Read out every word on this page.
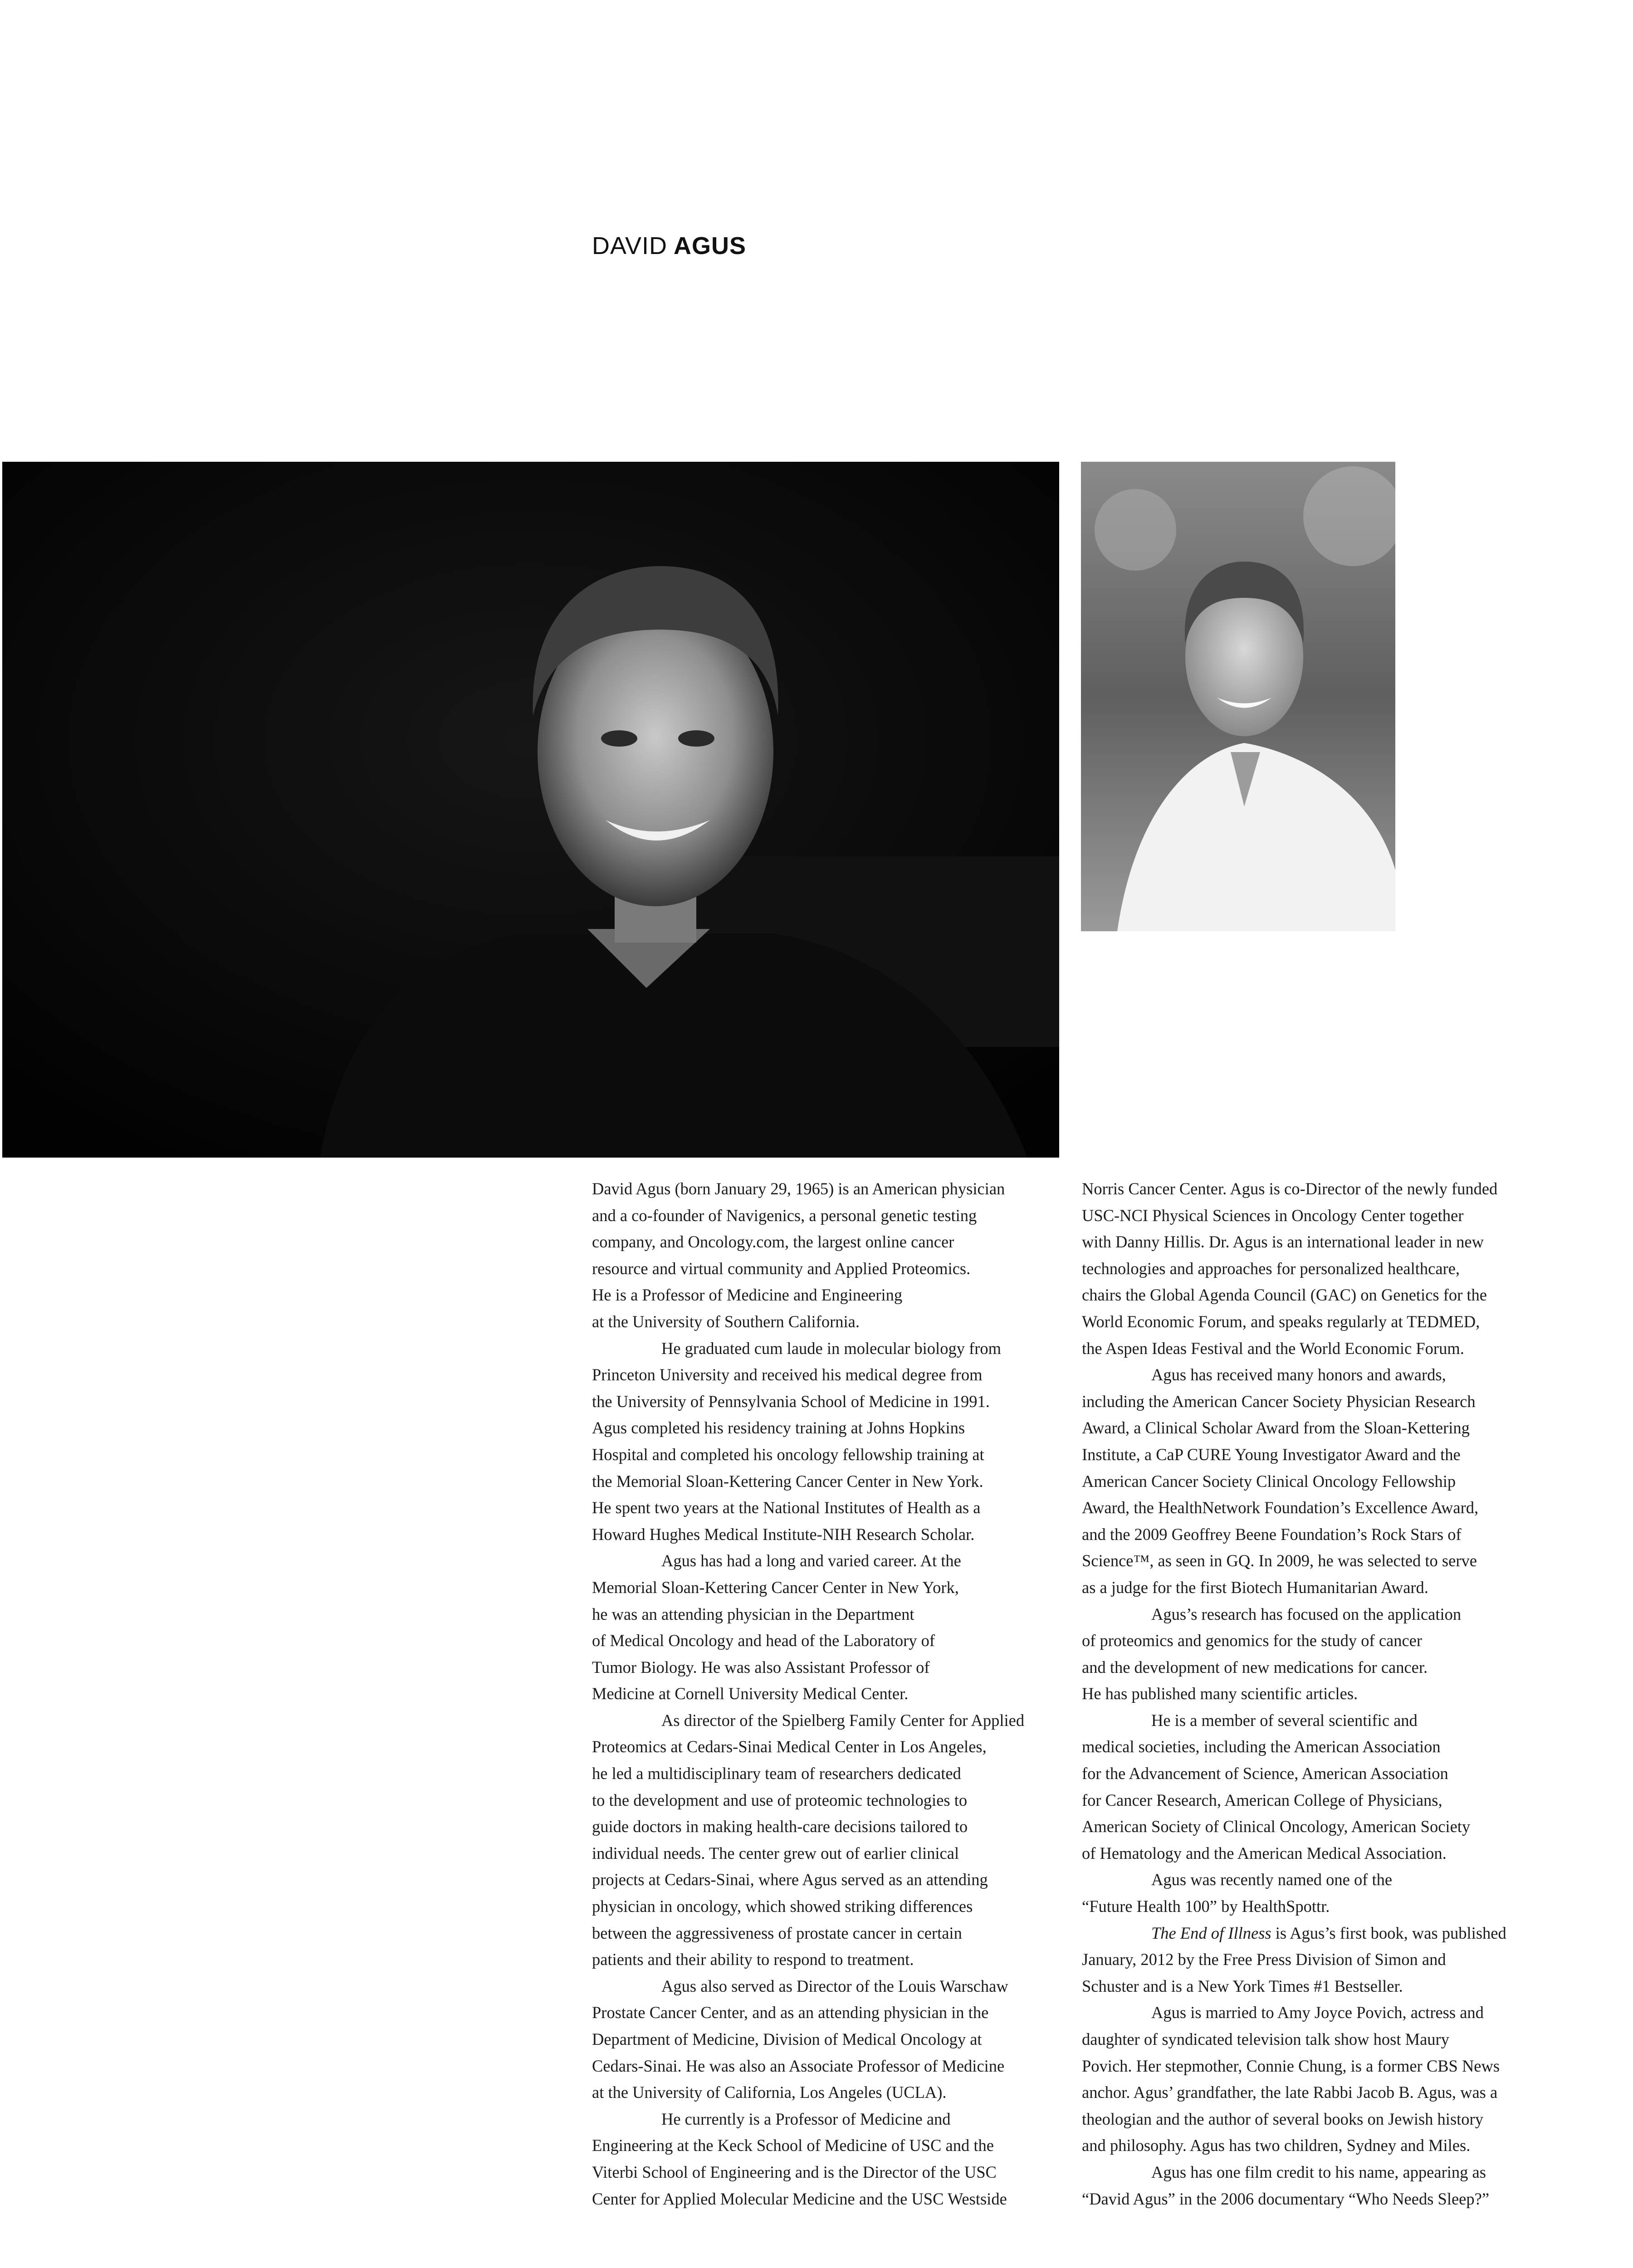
DAVID AGUS
David Agus (born January 29, 1965) is an American physician
and a co-founder of Navigenics, a personal genetic testing
company, and Oncology.com, the largest online cancer
resource and virtual community and Applied Proteomics.
He is a Professor of Medicine and Engineering
at the University of Southern California.
He graduated cum laude in molecular biology from
Princeton University and received his medical degree from
the University of Pennsylvania School of Medicine in 1991.
Agus completed his residency training at Johns Hopkins
Hospital and completed his oncology fellowship training at
the Memorial Sloan-Kettering Cancer Center in New York.
He spent two years at the National Institutes of Health as a
Howard Hughes Medical Institute-NIH Research Scholar.
Agus has had a long and varied career. At the
Memorial Sloan-Kettering Cancer Center in New York,
he was an attending physician in the Department
of Medical Oncology and head of the Laboratory of
Tumor Biology. He was also Assistant Professor of
Medicine at Cornell University Medical Center.
As director of the Spielberg Family Center for Applied
Proteomics at Cedars-Sinai Medical Center in Los Angeles,
he led a multidisciplinary team of researchers dedicated
to the development and use of proteomic technologies to
guide doctors in making health-care decisions tailored to
individual needs. The center grew out of earlier clinical
projects at Cedars-Sinai, where Agus served as an attending
physician in oncology, which showed striking differences
between the aggressiveness of prostate cancer in certain
patients and their ability to respond to treatment.
Agus also served as Director of the Louis Warschaw
Prostate Cancer Center, and as an attending physician in the
Department of Medicine, Division of Medical Oncology at
Cedars-Sinai. He was also an Associate Professor of Medicine
at the University of California, Los Angeles (UCLA).
He currently is a Professor of Medicine and
Engineering at the Keck School of Medicine of USC and the
Viterbi School of Engineering and is the Director of the USC
Center for Applied Molecular Medicine and the USC Westside
Norris Cancer Center. Agus is co-Director of the newly funded
USC-NCI Physical Sciences in Oncology Center together
with Danny Hillis. Dr. Agus is an international leader in new
technologies and approaches for personalized healthcare,
chairs the Global Agenda Council (GAC) on Genetics for the
World Economic Forum, and speaks regularly at TEDMED,
the Aspen Ideas Festival and the World Economic Forum.
Agus has received many honors and awards,
including the American Cancer Society Physician Research
Award, a Clinical Scholar Award from the Sloan-Kettering
Institute, a CaP CURE Young Investigator Award and the
American Cancer Society Clinical Oncology Fellowship
Award, the HealthNetwork Foundation’s Excellence Award,
and the 2009 Geoffrey Beene Foundation’s Rock Stars of
Science™, as seen in GQ. In 2009, he was selected to serve
as a judge for the first Biotech Humanitarian Award.
Agus’s research has focused on the application
of proteomics and genomics for the study of cancer
and the development of new medications for cancer.
He has published many scientific articles.
He is a member of several scientific and
medical societies, including the American Association
for the Advancement of Science, American Association
for Cancer Research, American College of Physicians,
American Society of Clinical Oncology, American Society
of Hematology and the American Medical Association.
Agus was recently named one of the
“Future Health 100” by HealthSpottr.
The End of Illness is Agus’s first book, was published
January, 2012 by the Free Press Division of Simon and
Schuster and is a New York Times #1 Bestseller.
Agus is married to Amy Joyce Povich, actress and
daughter of syndicated television talk show host Maury
Povich. Her stepmother, Connie Chung, is a former CBS News
anchor. Agus’ grandfather, the late Rabbi Jacob B. Agus, was a
theologian and the author of several books on Jewish history
and philosophy. Agus has two children, Sydney and Miles.
Agus has one film credit to his name, appearing as
“David Agus” in the 2006 documentary “Who Needs Sleep?”
